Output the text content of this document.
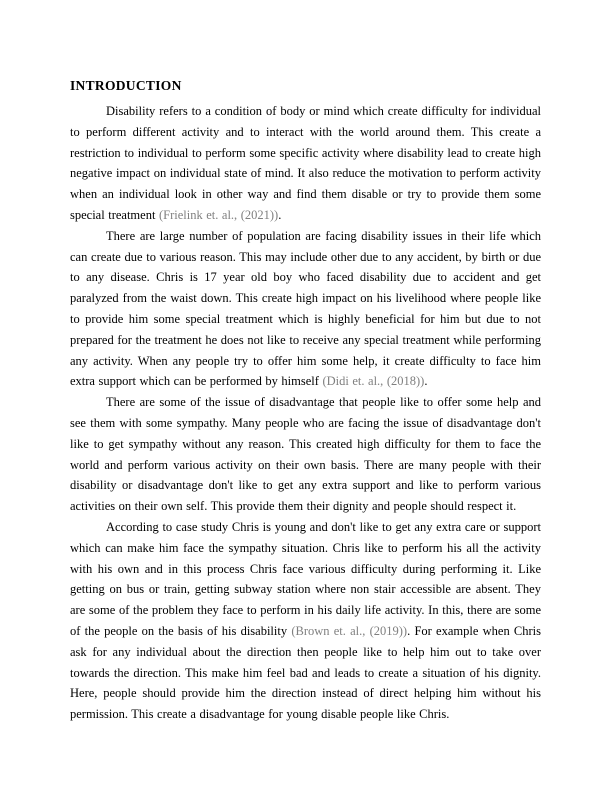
INTRODUCTION

Disability refers to a condition of body or mind which create difficulty for individual to perform different activity and to interact with the world around them. This create a restriction to individual to perform some specific activity where disability lead to create high negative impact on individual state of mind. It also reduce the motivation to perform activity when an individual look in other way and find them disable or try to provide them some special treatment (Frielink et. al., (2021)).

There are large number of population are facing disability issues in their life which can create due to various reason. This may include other due to any accident, by birth or due to any disease. Chris is 17 year old boy who faced disability due to accident and get paralyzed from the waist down. This create high impact on his livelihood where people like to provide him some special treatment which is highly beneficial for him but due to not prepared for the treatment he does not like to receive any special treatment while performing any activity. When any people try to offer him some help, it create difficulty to face him extra support which can be performed by himself (Didi et. al., (2018)).

There are some of the issue of disadvantage that people like to offer some help and see them with some sympathy. Many people who are facing the issue of disadvantage don't like to get sympathy without any reason. This created high difficulty for them to face the world and perform various activity on their own basis. There are many people with their disability or disadvantage don't like to get any extra support and like to perform various activities on their own self. This provide them their dignity and people should respect it.

According to case study Chris is young and don't like to get any extra care or support which can make him face the sympathy situation. Chris like to perform his all the activity with his own and in this process Chris face various difficulty during performing it. Like getting on bus or train, getting subway station where non stair accessible are absent. They are some of the problem they face to perform in his daily life activity. In this, there are some of the people on the basis of his disability (Brown et. al., (2019)). For example when Chris ask for any individual about the direction then people like to help him out to take over towards the direction. This make him feel bad and leads to create a situation of his dignity. Here, people should provide him the direction instead of direct helping him without his permission. This create a disadvantage for young disable people like Chris.
